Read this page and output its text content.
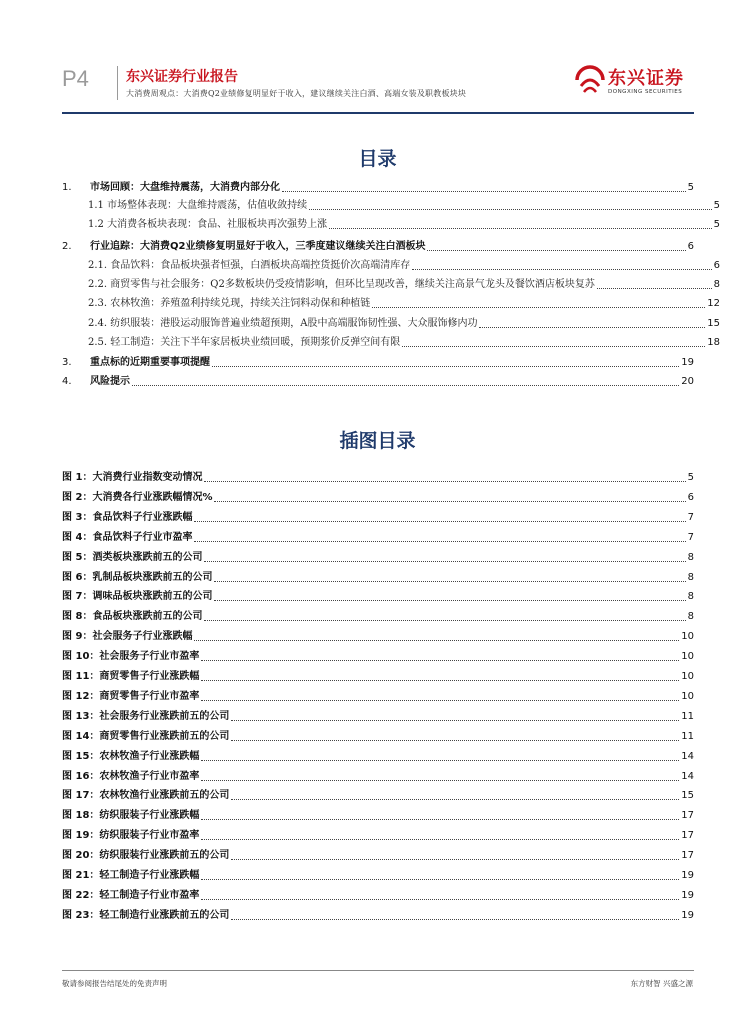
P4	东兴证券行业报告
大消费周观点：大消费Q2业绩修复明显好于收入，建议继续关注白酒、高端女装及职教板块块
东兴证券
DONGXING SECURITIES
目录
1.	市场回顾：大盘维持震荡，大消费内部分化	5
1.1 市场整体表现：大盘维持震荡，估值收敛持续	5
1.2 大消费各板块表现：食品、社服板块再次强势上涨	5
2.	行业追踪：大消费Q2业绩修复明显好于收入，三季度建议继续关注白酒板块	6
2.1. 食品饮料：食品板块强者恒强，白酒板块高端控货挺价次高端清库存	6
2.2. 商贸零售与社会服务：Q2多数板块仍受疫情影响，但环比呈现改善，继续关注高景气龙头及餐饮酒店板块复苏	8
2.3. 农林牧渔：养殖盈利持续兑现，持续关注饲料动保和种植链	12
2.4. 纺织服装：港股运动服饰普遍业绩超预期，A股中高端服饰韧性强、大众服饰修内功	15
2.5. 轻工制造：关注下半年家居板块业绩回暖，预期浆价反弹空间有限	18
3.	重点标的近期重要事项提醒	19
4.	风险提示	20
插图目录
图 1：大消费行业指数变动情况	5
图 2：大消费各行业涨跌幅情况%	6
图 3：食品饮料子行业涨跌幅	7
图 4：食品饮料子行业市盈率	7
图 5：酒类板块涨跌前五的公司	8
图 6：乳制品板块涨跌前五的公司	8
图 7：调味品板块涨跌前五的公司	8
图 8：食品板块涨跌前五的公司	8
图 9：社会服务子行业涨跌幅	10
图 10：社会服务子行业市盈率	10
图 11：商贸零售子行业涨跌幅	10
图 12：商贸零售子行业市盈率	10
图 13：社会服务行业涨跌前五的公司	11
图 14：商贸零售行业涨跌前五的公司	11
图 15：农林牧渔子行业涨跌幅	14
图 16：农林牧渔子行业市盈率	14
图 17：农林牧渔行业涨跌前五的公司	15
图 18：纺织服装子行业涨跌幅	17
图 19：纺织服装子行业市盈率	17
图 20：纺织服装行业涨跌前五的公司	17
图 21：轻工制造子行业涨跌幅	19
图 22：轻工制造子行业市盈率	19
图 23：轻工制造行业涨跌前五的公司	19
敬请参阅报告结尾处的免责声明	东方财智 兴盛之源
